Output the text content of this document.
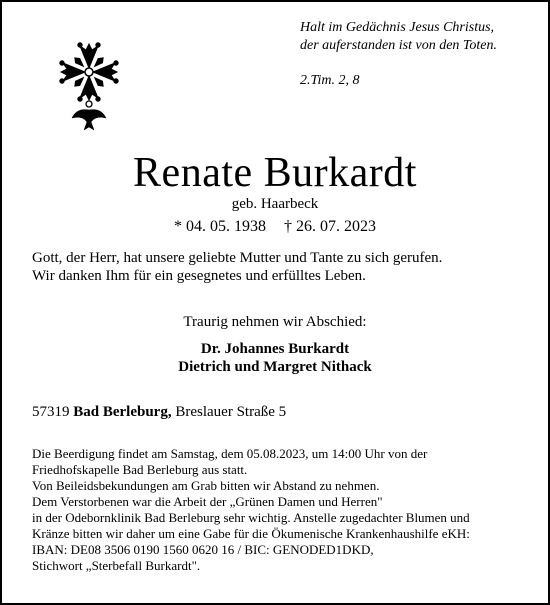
Halt im Gedächnis Jesus Christus,
der auferstanden ist von den Toten.
2.Tim. 2, 8
Renate Burkardt
geb. Haarbeck
* 04. 05. 1938 † 26. 07. 2023
Gott, der Herr, hat unsere geliebte Mutter und Tante zu sich gerufen.
Wir danken Ihm für ein gesegnetes und erfülltes Leben.
Traurig nehmen wir Abschied:
Dr. Johannes Burkardt
Dietrich und Margret Nithack
57319 Bad Berleburg, Breslauer Straße 5
Die Beerdigung findet am Samstag, dem 05.08.2023, um 14:00 Uhr von der
Friedhofskapelle Bad Berleburg aus statt.
Von Beileidsbekundungen am Grab bitten wir Abstand zu nehmen.
Dem Verstorbenen war die Arbeit der „Grünen Damen und Herren"
in der Odebornklinik Bad Berleburg sehr wichtig. Anstelle zugedachter Blumen und
Kränze bitten wir daher um eine Gabe für die Ökumenische Krankenhaushilfe eKH:
IBAN: DE08 3506 0190 1560 0620 16 / BIC: GENODED1DKD,
Stichwort „Sterbefall Burkardt".
